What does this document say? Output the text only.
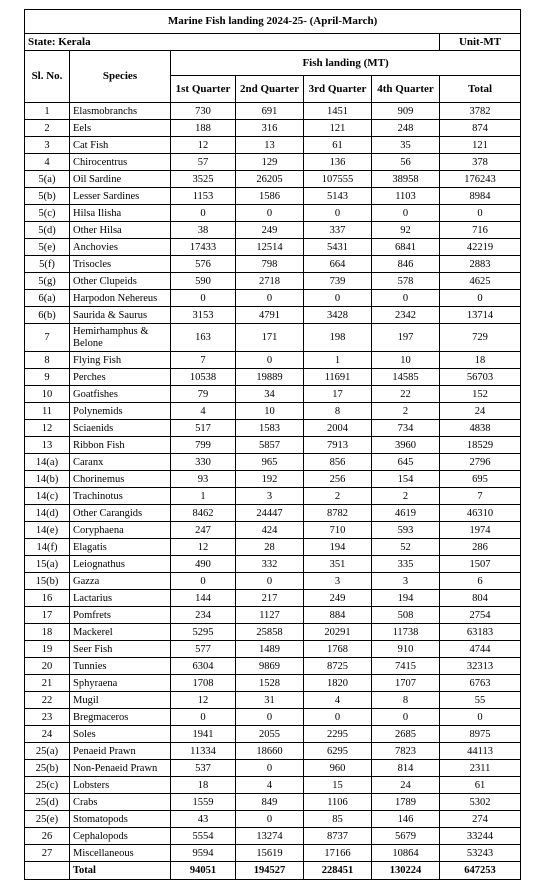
Marine Fish landing 2024-25- (April-March)						
State: Kerala						Unit-MT
Sl. No.	Species	Fish landing (MT)				
		1st Quarter	2nd Quarter	3rd Quarter	4th Quarter	Total
1	Elasmobranchs	730	691	1451	909	3782
2	Eels	188	316	121	248	874
3	Cat Fish	12	13	61	35	121
4	Chirocentrus	57	129	136	56	378
5(a)	Oil Sardine	3525	26205	107555	38958	176243
5(b)	Lesser Sardines	1153	1586	5143	1103	8984
5(c)	Hilsa Ilisha	0	0	0	0	0
5(d)	Other Hilsa	38	249	337	92	716
5(e)	Anchovies	17433	12514	5431	6841	42219
5(f)	Trisocles	576	798	664	846	2883
5(g)	Other Clupeids	590	2718	739	578	4625
6(a)	Harpodon Nehereus	0	0	0	0	0
6(b)	Saurida & Saurus	3153	4791	3428	2342	13714
7	Hemirhamphus & Belone	163	171	198	197	729
8	Flying Fish	7	0	1	10	18
9	Perches	10538	19889	11691	14585	56703
10	Goatfishes	79	34	17	22	152
11	Polynemids	4	10	8	2	24
12	Sciaenids	517	1583	2004	734	4838
13	Ribbon Fish	799	5857	7913	3960	18529
14(a)	Caranx	330	965	856	645	2796
14(b)	Chorinemus	93	192	256	154	695
14(c)	Trachinotus	1	3	2	2	7
14(d)	Other Carangids	8462	24447	8782	4619	46310
14(e)	Coryphaena	247	424	710	593	1974
14(f)	Elagatis	12	28	194	52	286
15(a)	Leiognathus	490	332	351	335	1507
15(b)	Gazza	0	0	3	3	6
16	Lactarius	144	217	249	194	804
17	Pomfrets	234	1127	884	508	2754
18	Mackerel	5295	25858	20291	11738	63183
19	Seer Fish	577	1489	1768	910	4744
20	Tunnies	6304	9869	8725	7415	32313
21	Sphyraena	1708	1528	1820	1707	6763
22	Mugil	12	31	4	8	55
23	Bregmaceros	0	0	0	0	0
24	Soles	1941	2055	2295	2685	8975
25(a)	Penaeid Prawn	11334	18660	6295	7823	44113
25(b)	Non-Penaeid Prawn	537	0	960	814	2311
25(c)	Lobsters	18	4	15	24	61
25(d)	Crabs	1559	849	1106	1789	5302
25(e)	Stomatopods	43	0	85	146	274
26	Cephalopods	5554	13274	8737	5679	33244
27	Miscellaneous	9594	15619	17166	10864	53243
	Total	94051	194527	228451	130224	647253
